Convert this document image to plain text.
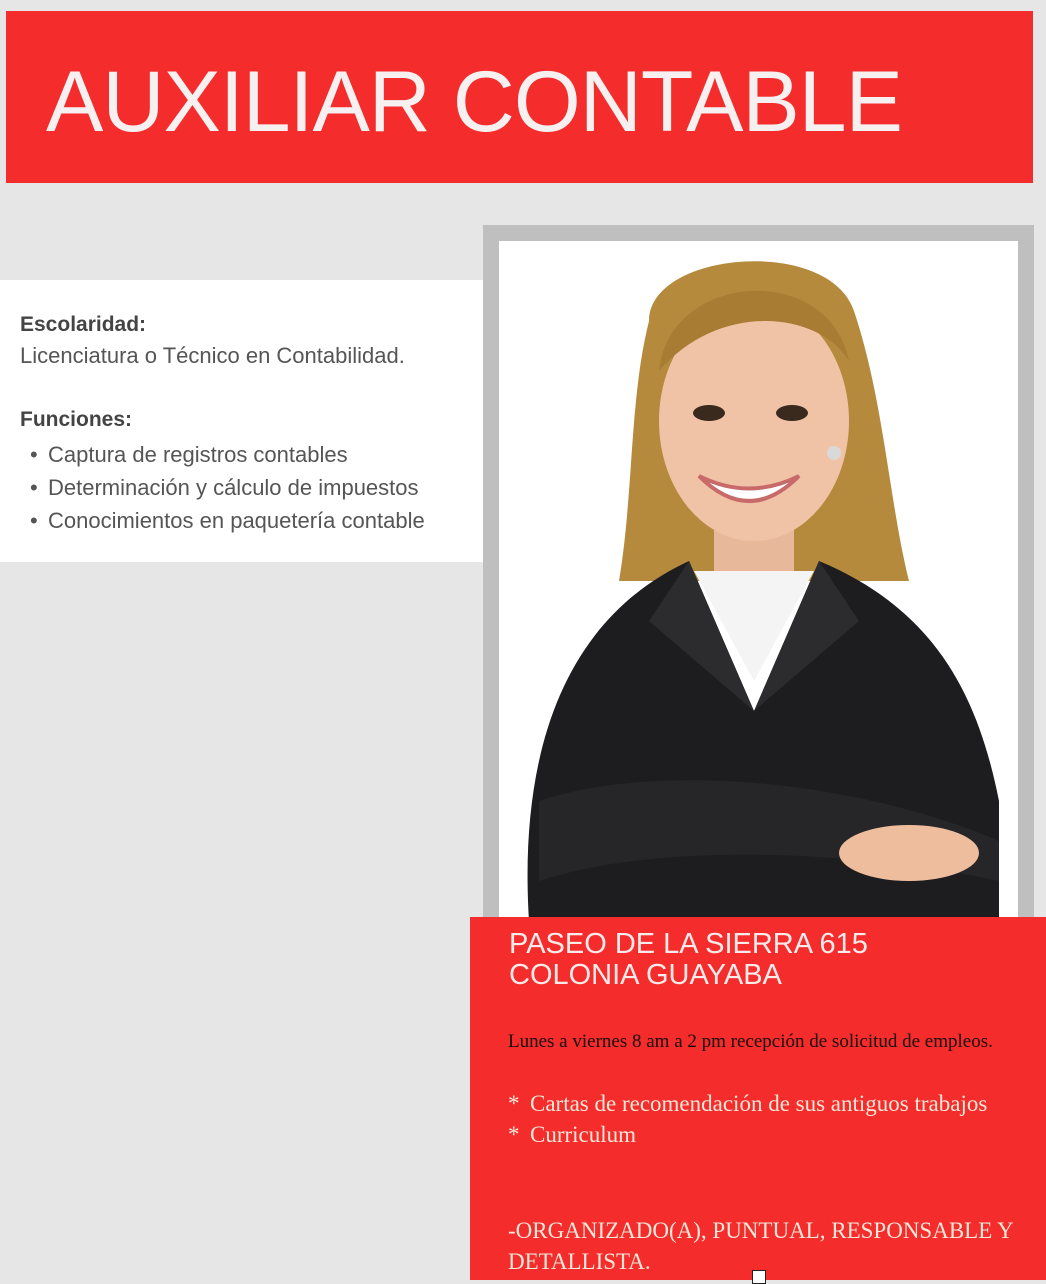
AUXILIAR CONTABLE

Escolaridad:

Licenciatura o Técnico en Contabilidad.

Funciones:

• Captura de registros contables
• Determinación y cálculo de impuestos
• Conocimientos en paquetería contable
PASEO DE LA SIERRA 615
COLONIA GUAYABA

Lunes a viernes 8 am a 2 pm recepción de solicitud de empleos.

* Cartas de recomendación de sus antiguos trabajos
* Curriculum

-ORGANIZADO(A), PUNTUAL, RESPONSABLE Y DETALLISTA.
